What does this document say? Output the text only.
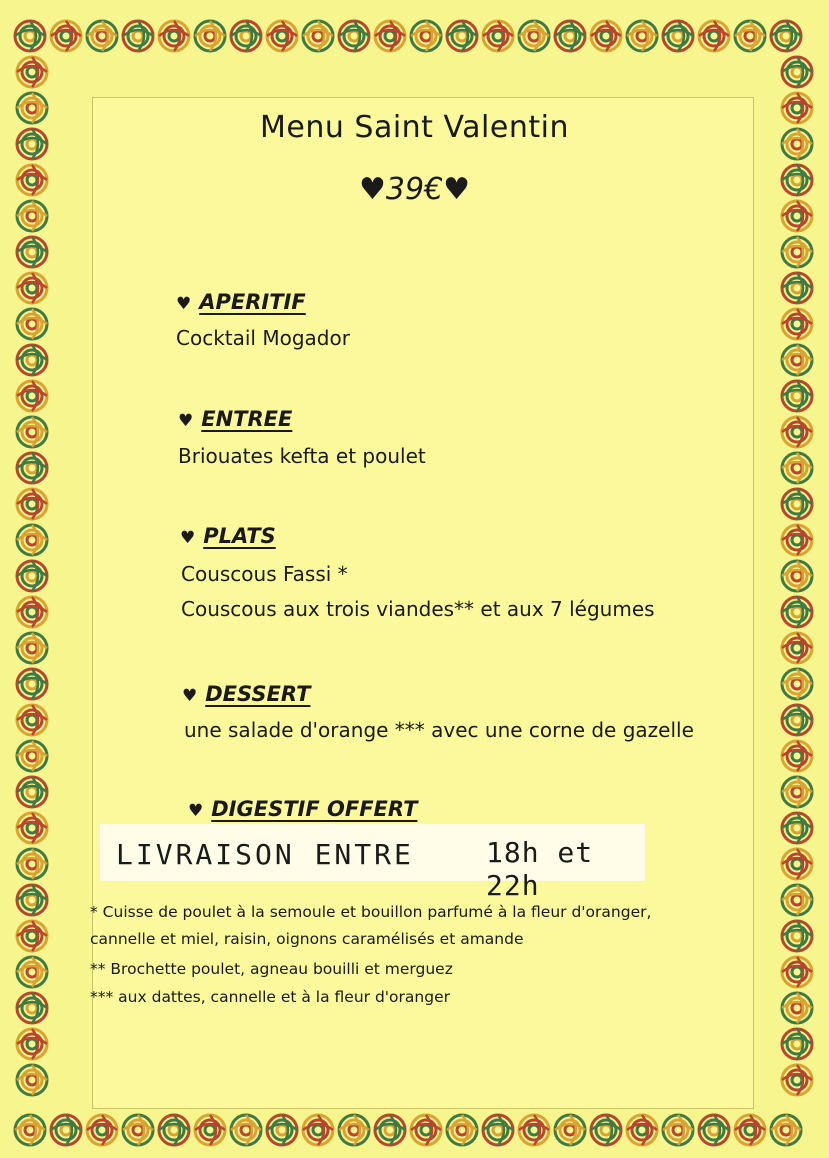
Menu Saint Valentin
♥39€♥
♥ APERITIF
Cocktail Mogador
♥ ENTREE
Briouates kefta et poulet
♥ PLATS
Couscous Fassi *
Couscous aux trois viandes** et aux 7 légumes
♥ DESSERT
une salade d'orange *** avec une corne de gazelle
♥ DIGESTIF OFFERT
LIVRAISON ENTRE	18h et 22h
* Cuisse de poulet à la semoule et bouillon parfumé à la fleur d'oranger,
cannelle et miel, raisin, oignons caramélisés et amande
** Brochette poulet, agneau bouilli et merguez
*** aux dattes, cannelle et à la fleur d'oranger
